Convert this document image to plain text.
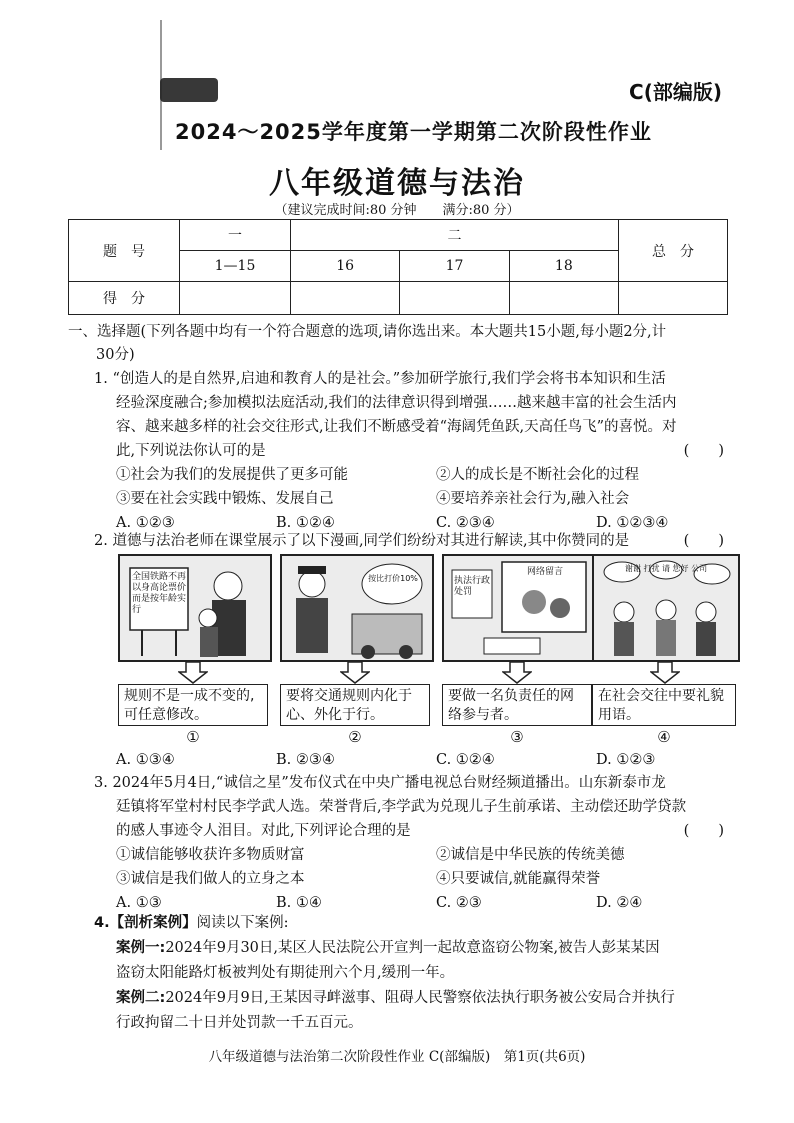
C(部编版)
2024～2025学年度第一学期第二次阶段性作业
八年级道德与法治
（建议完成时间:80 分钟　　满分:80 分）
题　号	一	二			总　分
	1—15	16	17	18	
得　分					
一、选择题(下列各题中均有一个符合题意的选项,请你选出来。本大题共15小题,每小题2分,计
30分)
1. “创造人的是自然界,启迪和教育人的是社会。”参加研学旅行,我们学会将书本知识和生活
经验深度融合;参加模拟法庭活动,我们的法律意识得到增强……越来越丰富的社会生活内
容、越来越多样的社会交往形式,让我们不断感受着“海阔凭鱼跃,天高任鸟飞”的喜悦。对
此,下列说法你认可的是	(　　)
①社会为我们的发展提供了更多可能	②人的成长是不断社会化的过程
③要在社会实践中锻炼、发展自己	④要培养亲社会行为,融入社会
A. ①②③	B. ①②④	C. ②③④	D. ①②③④
2. 道德与法治老师在课堂展示了以下漫画,同学们纷纷对其进行解读,其中你赞同的是	(　　)
全国铁路不再以身高论票价而是按年龄实行
规则不是一成不变的,可任意修改。
①
按比打价10%
要将交通规则内化于心、外化于行。
②
执法行政处罚
网络留言
要做一名负责任的网络参与者。
③
谢谢 打扰 请 您好 公司
在社会交往中要礼貌用语。
④
A. ①③④	B. ②③④	C. ①②④	D. ①②③
3. 2024年5月4日,“诚信之星”发布仪式在中央广播电视总台财经频道播出。山东新泰市龙
廷镇将军堂村村民李学武人选。荣誉背后,李学武为兑现儿子生前承诺、主动偿还助学贷款
的感人事迹令人泪目。对此,下列评论合理的是	(　　)
①诚信能够收获许多物质财富	②诚信是中华民族的传统美德
③诚信是我们做人的立身之本	④只要诚信,就能赢得荣誉
A. ①③	B. ①④	C. ②③	D. ②④

4.【剖析案例】阅读以下案例:

案例一:2024年9月30日,某区人民法院公开宣判一起故意盗窃公物案,被告人彭某某因

盗窃太阳能路灯板被判处有期徒刑六个月,缓刑一年。

案例二:2024年9月9日,王某因寻衅滋事、阻碍人民警察依法执行职务被公安局合并执行

行政拘留二十日并处罚款一千五百元。

八年级道德与法治第二次阶段性作业 C(部编版)　第1页(共6页)
